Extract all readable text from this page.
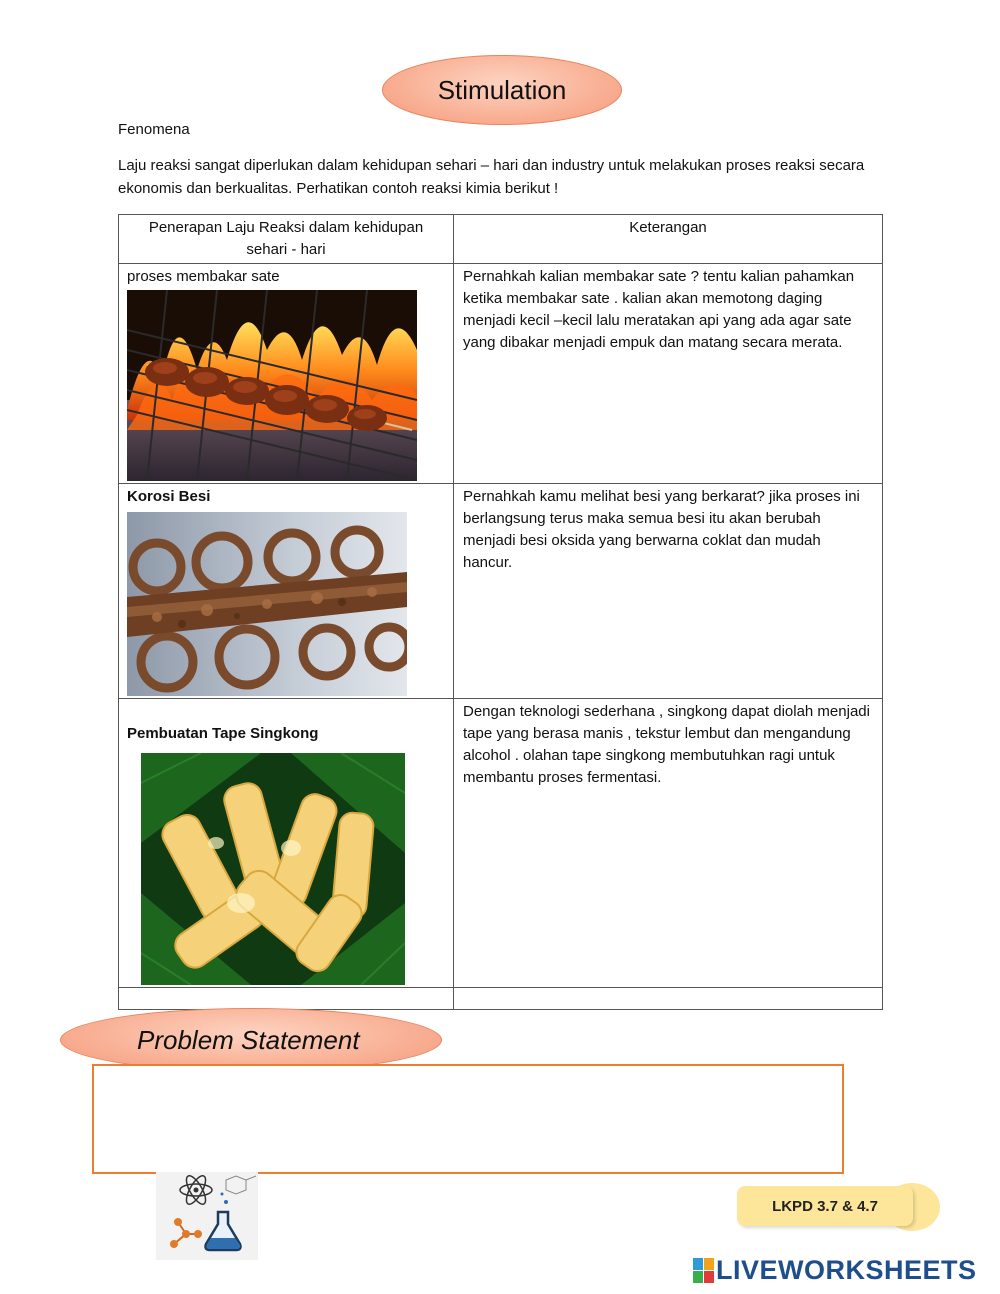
Stimulation
Fenomena
Laju reaksi sangat diperlukan dalam kehidupan sehari – hari dan industry untuk melakukan proses reaksi secara ekonomis dan berkualitas. Perhatikan contoh reaksi kimia berikut !
Penerapan Laju Reaksi dalam kehidupan sehari - hari	Keterangan

proses membakar sate	Pernahkah kalian membakar sate ? tentu kalian pahamkan ketika membakar sate . kalian akan memotong daging menjadi kecil –kecil lalu meratakan api yang ada agar sate yang dibakar menjadi empuk dan matang secara merata.

Korosi Besi	Pernahkah kamu melihat besi yang berkarat? jika proses ini berlangsung terus maka semua besi itu akan berubah menjadi besi oksida yang berwarna coklat dan mudah hancur.

Pembuatan Tape Singkong	Dengan teknologi sederhana , singkong dapat diolah menjadi tape yang berasa manis , tekstur lembut dan mengandung alcohol . olahan tape singkong membutuhkan ragi untuk membantu proses fermentasi.

Problem Statement
LKPD 3.7 & 4.7
LIVEWORKSHEETS
